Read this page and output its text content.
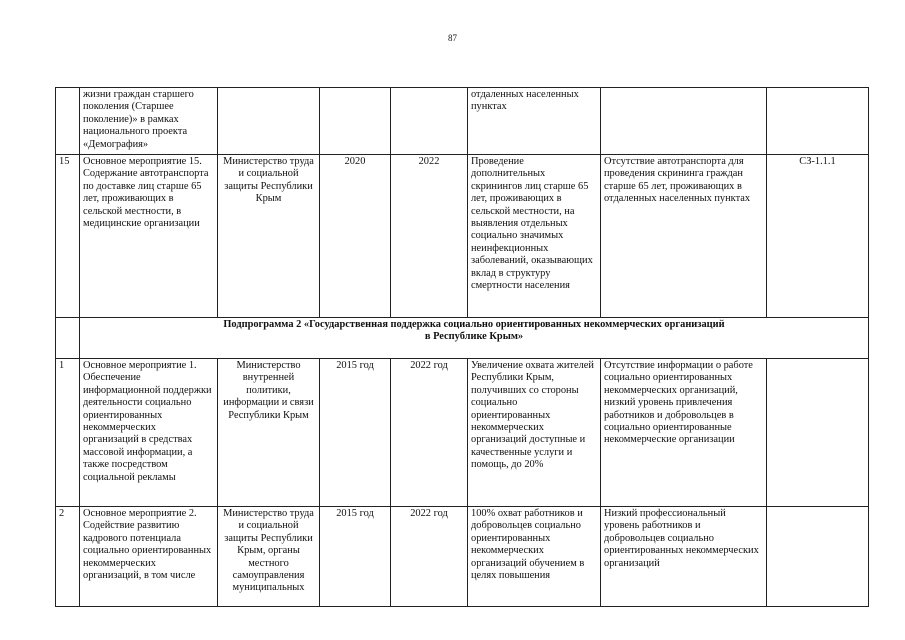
87
	жизни граждан старшего поколения (Старшее поколение)» в рамках национального проекта «Демография»				отдаленных населенных пунктах		
15	Основное мероприятие 15. Содержание автотранспорта по доставке лиц старше 65 лет, проживающих в сельской местности, в медицинские организации	Министерство труда и социальной защиты Республики Крым	2020	2022	Проведение дополнительных скринингов лиц старше 65 лет, проживающих в сельской местности, на выявления отдельных социально значимых неинфекционных заболеваний, оказывающих вклад в структуру смертности населения	Отсутствие автотранспорта для проведения скрининга граждан старше 65 лет, проживающих в отдаленных населенных пунктах	СЗ-1.1.1

	Подпрограмма 2 «Государственная поддержка социально ориентированных некоммерческих организаций
в Республике Крым»						

1	Основное мероприятие 1. Обеспечение информационной поддержки деятельности социально ориентированных некоммерческих организаций в средствах массовой информации, а также посредством социальной рекламы	Министерство внутренней политики, информации и связи Республики Крым	2015 год	2022 год	Увеличение охвата жителей Республики Крым, получивших со стороны социально ориентированных некоммерческих организаций доступные и качественные услуги и помощь, до 20%	Отсутствие информации о работе социально ориентированных некоммерческих организаций, низкий уровень привлечения работников и добровольцев в социально ориентированные некоммерческие организации	
2	Основное мероприятие 2. Содействие развитию кадрового потенциала социально ориентированных некоммерческих организаций, в том числе	Министерство труда и социальной защиты Республики Крым, органы местного самоуправления муниципальных	2015 год	2022 год	100% охват работников и добровольцев социально ориентированных некоммерческих организаций обучением в целях повышения	Низкий профессиональный уровень работников и добровольцев социально ориентированных некоммерческих организаций	
